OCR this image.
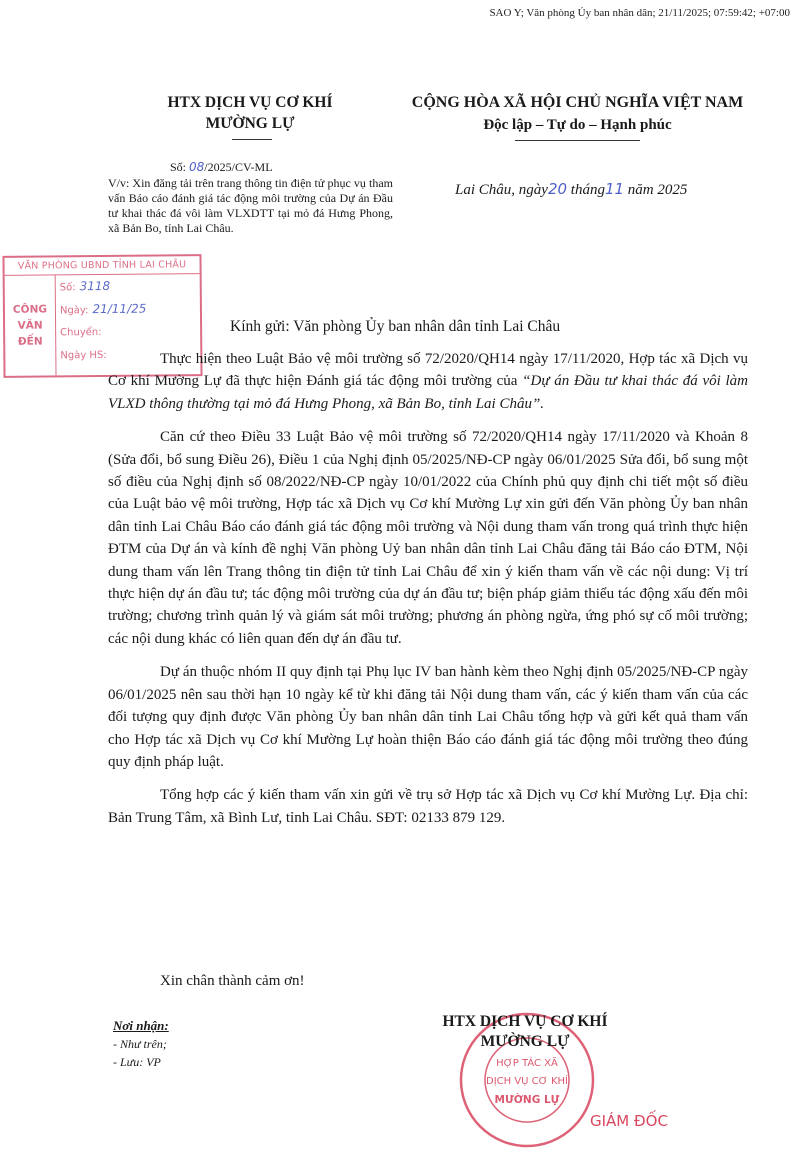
SAO Y; Văn phòng Ủy ban nhân dân; 21/11/2025; 07:59:42; +07:00
HTX DỊCH VỤ CƠ KHÍ
MƯỜNG LỰ
CỘNG HÒA XÃ HỘI CHỦ NGHĨA VIỆT NAM
Độc lập – Tự do – Hạnh phúc
Số: 08/2025/CV-ML
V/v: Xin đăng tải trên trang thông tin điện tử phục vụ tham vấn Báo cáo đánh giá tác động môi trường của Dự án Đầu tư khai thác đá vôi làm VLXDTT tại mỏ đá Hưng Phong, xã Bản Bo, tỉnh Lai Châu.
Lai Châu, ngày20 tháng11 năm 2025
VĂN PHÒNG UBND TỈNH LAI CHÂU
CÔNG
VĂN
ĐẾN
Số: 3118
Ngày: 21/11/25
Chuyển:
Ngày HS:
Kính gửi: Văn phòng Ủy ban nhân dân tỉnh Lai Châu

Thực hiện theo Luật Bảo vệ môi trường số 72/2020/QH14 ngày 17/11/2020, Hợp tác xã Dịch vụ Cơ khí Mường Lự đã thực hiện Đánh giá tác động môi trường của “Dự án Đầu tư khai thác đá vôi làm VLXD thông thường tại mỏ đá Hưng Phong, xã Bản Bo, tỉnh Lai Châu”.

Căn cứ theo Điều 33 Luật Bảo vệ môi trường số 72/2020/QH14 ngày 17/11/2020 và Khoản 8 (Sửa đổi, bổ sung Điều 26), Điều 1 của Nghị định 05/2025/NĐ-CP ngày 06/01/2025 Sửa đổi, bổ sung một số điều của Nghị định số 08/2022/NĐ-CP ngày 10/01/2022 của Chính phủ quy định chi tiết một số điều của Luật bảo vệ môi trường, Hợp tác xã Dịch vụ Cơ khí Mường Lự xin gửi đến Văn phòng Ủy ban nhân dân tỉnh Lai Châu Báo cáo đánh giá tác động môi trường và Nội dung tham vấn trong quá trình thực hiện ĐTM của Dự án và kính đề nghị Văn phòng Uỷ ban nhân dân tỉnh Lai Châu đăng tải Báo cáo ĐTM, Nội dung tham vấn lên Trang thông tin điện tử tỉnh Lai Châu để xin ý kiến tham vấn về các nội dung: Vị trí thực hiện dự án đầu tư; tác động môi trường của dự án đầu tư; biện pháp giảm thiểu tác động xấu đến môi trường; chương trình quản lý và giám sát môi trường; phương án phòng ngừa, ứng phó sự cố môi trường; các nội dung khác có liên quan đến dự án đầu tư.

Dự án thuộc nhóm II quy định tại Phụ lục IV ban hành kèm theo Nghị định 05/2025/NĐ-CP ngày 06/01/2025 nên sau thời hạn 10 ngày kể từ khi đăng tải Nội dung tham vấn, các ý kiến tham vấn của các đối tượng quy định được Văn phòng Ủy ban nhân dân tỉnh Lai Châu tổng hợp và gửi kết quả tham vấn cho Hợp tác xã Dịch vụ Cơ khí Mường Lự hoàn thiện Báo cáo đánh giá tác động môi trường theo đúng quy định pháp luật.

Tổng hợp các ý kiến tham vấn xin gửi về trụ sở Hợp tác xã Dịch vụ Cơ khí Mường Lự. Địa chỉ: Bản Trung Tâm, xã Bình Lư, tỉnh Lai Châu. SĐT: 02133 879 129.

Xin chân thành cảm ơn!
Nơi nhận:
- Như trên;
- Lưu: VP	HỢP TÁC XÃ
DỊCH VỤ CƠ KHÍ
MƯỜNG LỰ
HTX DỊCH VỤ CƠ KHÍ
MƯỜNG LỰ
GIÁM ĐỐC
